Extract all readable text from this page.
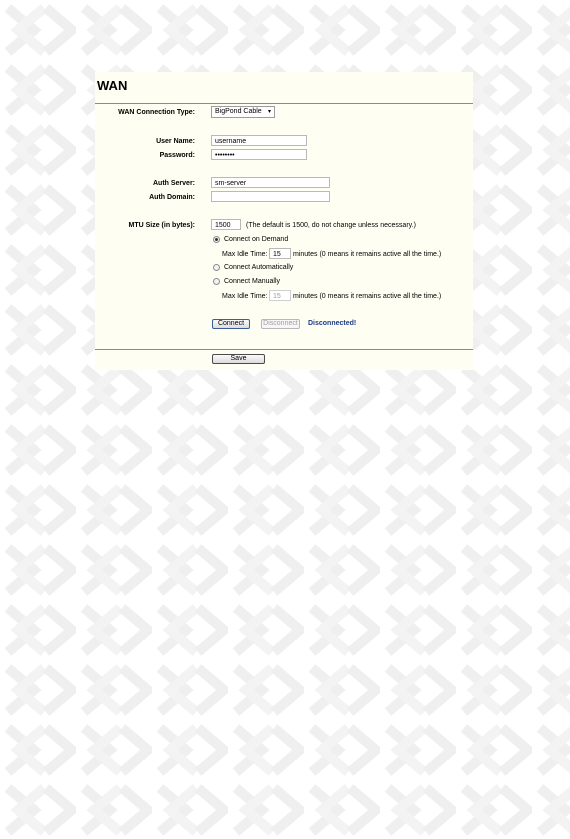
WAN
WAN Connection Type:	BigPond Cable ▾
User Name:	username
Password:	••••••••
Auth Server:	sm-server
Auth Domain:
MTU Size (in bytes):	1500	(The default is 1500, do not change unless necessary.)
Connect on Demand
Max Idle Time: 15	minutes (0 means it remains active all the time.)
Connect Automatically
Connect Manually
Max Idle Time: 15	minutes (0 means it remains active all the time.)
Connect	Disconnect	Disconnected!
Save
